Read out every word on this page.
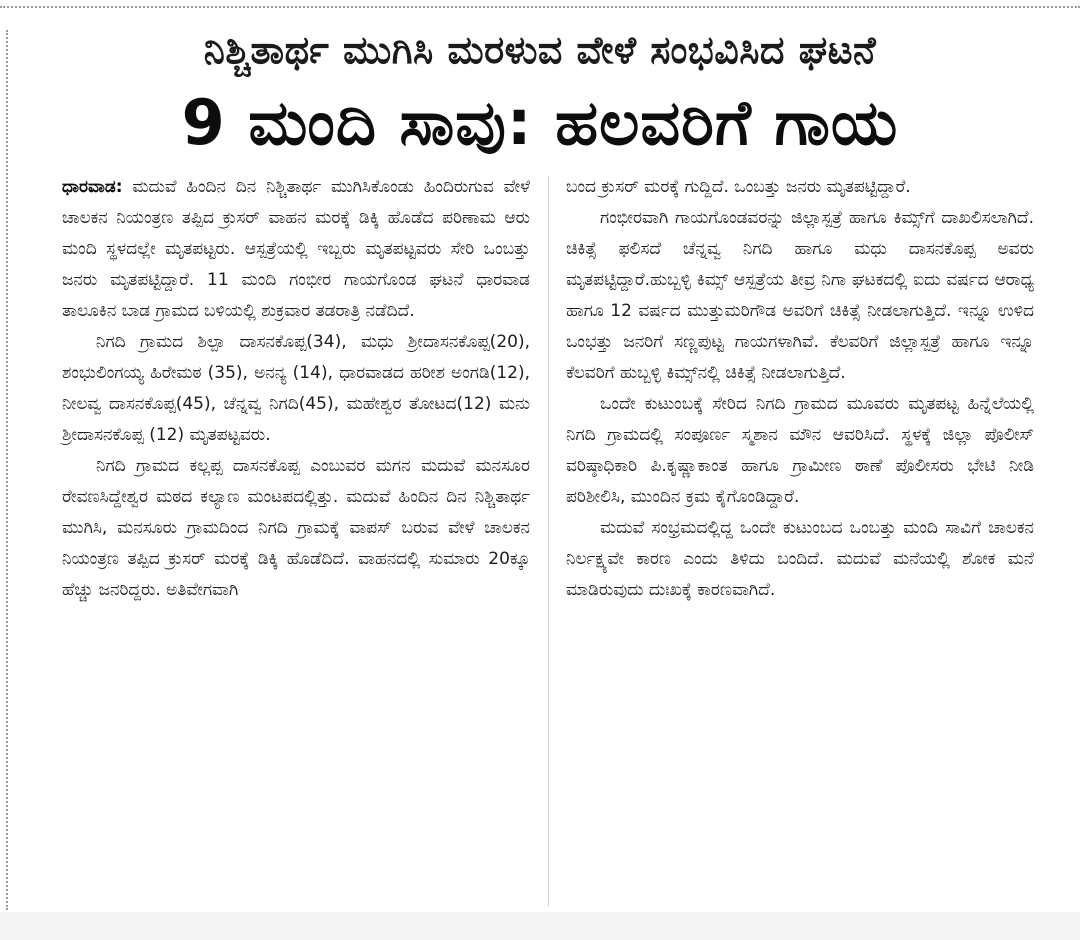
ನಿಶ್ಚಿತಾರ್ಥ ಮುಗಿಸಿ ಮರಳುವ ವೇಳೆ ಸಂಭವಿಸಿದ ಘಟನೆ
9 ಮಂದಿ ಸಾವು: ಹಲವರಿಗೆ ಗಾಯ

ಧಾರವಾಡ: ಮದುವೆ ಹಿಂದಿನ ದಿನ ನಿಶ್ಚಿತಾರ್ಥ ಮುಗಿಸಿಕೊಂಡು ಹಿಂದಿರುಗುವ ವೇಳೆ ಚಾಲಕನ ನಿಯಂತ್ರಣ ತಪ್ಪಿದ ಕ್ರುಸರ್ ವಾಹನ ಮರಕ್ಕೆ ಡಿಕ್ಕಿ ಹೊಡೆದ ಪರಿಣಾಮ ಆರು ಮಂದಿ ಸ್ಥಳದಲ್ಲೇ ಮೃತಪಟ್ಟರು. ಆಸ್ಪತ್ರೆಯಲ್ಲಿ ಇಬ್ಬರು ಮೃತಪಟ್ಟವರು ಸೇರಿ ಒಂಬತ್ತು ಜನರು ಮೃತಪಟ್ಟಿದ್ದಾರೆ. 11 ಮಂದಿ ಗಂಭೀರ ಗಾಯಗೊಂಡ ಘಟನೆ ಧಾರವಾಡ ತಾಲೂಕಿನ ಬಾಡ ಗ್ರಾಮದ ಬಳಿಯಲ್ಲಿ ಶುಕ್ರವಾರ ತಡರಾತ್ರಿ ನಡೆದಿದೆ.

ನಿಗದಿ ಗ್ರಾಮದ ಶಿಲ್ಪಾ ದಾಸನಕೊಪ್ಪ(34), ಮಧು ಶ್ರೀದಾಸನಕೊಪ್ಪ(20), ಶಂಭುಲಿಂಗಯ್ಯ ಹಿರೇಮಠ (35), ಅನನ್ಯ (14), ಧಾರವಾಡದ ಹರೀಶ ಅಂಗಡಿ(12), ನೀಲವ್ವ ದಾಸನಕೊಪ್ಪ(45), ಚೆನ್ನವ್ವ ನಿಗದಿ(45), ಮಹೇಶ್ವರ ತೋಟದ(12) ಮನು ಶ್ರೀದಾಸನಕೊಪ್ಪ (12) ಮೃತಪಟ್ಟವರು.

ನಿಗದಿ ಗ್ರಾಮದ ಕಲ್ಲಪ್ಪ ದಾಸನಕೊಪ್ಪ ಎಂಬುವರ ಮಗನ ಮದುವೆ ಮನಸೂರ ರೇವಣಸಿದ್ದೇಶ್ವರ ಮಠದ ಕಲ್ಯಾಣ ಮಂಟಪದಲ್ಲಿತ್ತು. ಮದುವೆ ಹಿಂದಿನ ದಿನ ನಿಶ್ಚಿತಾರ್ಥ ಮುಗಿಸಿ, ಮನಸೂರು ಗ್ರಾಮದಿಂದ ನಿಗದಿ ಗ್ರಾಮಕ್ಕೆ ವಾಪಸ್ ಬರುವ ವೇಳೆ ಚಾಲಕನ ನಿಯಂತ್ರಣ ತಪ್ಪಿದ ಕ್ರುಸರ್ ಮರಕ್ಕೆ ಡಿಕ್ಕಿ ಹೊಡೆದಿದೆ. ವಾಹನದಲ್ಲಿ ಸುಮಾರು 20ಕ್ಕೂ ಹೆಚ್ಚು ಜನರಿದ್ದರು. ಅತಿವೇಗವಾಗಿ

ಬಂದ ಕ್ರುಸರ್ ಮರಕ್ಕೆ ಗುದ್ದಿದೆ. ಒಂಬತ್ತು ಜನರು ಮೃತಪಟ್ಟಿದ್ದಾರೆ.

ಗಂಭೀರವಾಗಿ ಗಾಯಗೊಂಡವರನ್ನು ಜಿಲ್ಲಾಸ್ಪತ್ರೆ ಹಾಗೂ ಕಿಮ್ಸ್‌ಗೆ ದಾಖಲಿಸಲಾಗಿದೆ. ಚಿಕಿತ್ಸೆ ಫಲಿಸದೆ ಚೆನ್ನವ್ವ ನಿಗದಿ ಹಾಗೂ ಮಧು ದಾಸನಕೊಪ್ಪ ಅವರು ಮೃತಪಟ್ಟಿದ್ದಾರೆ.ಹುಬ್ಬಳ್ಳಿ ಕಿಮ್ಸ್ ಆಸ್ಪತ್ರೆಯ ತೀವ್ರ ನಿಗಾ ಘಟಕದಲ್ಲಿ ಐದು ವರ್ಷದ ಆರಾಧ್ಯ ಹಾಗೂ 12 ವರ್ಷದ ಮುತ್ತುಮರಿಗೌಡ ಅವರಿಗೆ ಚಿಕಿತ್ಸೆ ನೀಡಲಾಗುತ್ತಿದೆ. ಇನ್ನೂ ಉಳಿದ ಒಂಭತ್ತು ಜನರಿಗೆ ಸಣ್ಣಪುಟ್ಟ ಗಾಯಗಳಾಗಿವೆ. ಕೆಲವರಿಗೆ ಜಿಲ್ಲಾಸ್ಪತ್ರೆ ಹಾಗೂ ಇನ್ನೂ ಕೆಲವರಿಗೆ ಹುಬ್ಬಳ್ಳಿ ಕಿಮ್ಸ್‌ನಲ್ಲಿ ಚಿಕಿತ್ಸೆ ನೀಡಲಾಗುತ್ತಿದೆ.

ಒಂದೇ ಕುಟುಂಬಕ್ಕೆ ಸೇರಿದ ನಿಗದಿ ಗ್ರಾಮದ ಮೂವರು ಮೃತಪಟ್ಟ ಹಿನ್ನೆಲೆಯಲ್ಲಿ ನಿಗದಿ ಗ್ರಾಮದಲ್ಲಿ ಸಂಪೂರ್ಣ ಸ್ಮಶಾನ ಮೌನ ಆವರಿಸಿದೆ. ಸ್ಥಳಕ್ಕೆ ಜಿಲ್ಲಾ ಪೊಲೀಸ್ ವರಿಷ್ಠಾಧಿಕಾರಿ ಪಿ.ಕೃಷ್ಣಾಕಾಂತ ಹಾಗೂ ಗ್ರಾಮೀಣ ಠಾಣೆ ಪೊಲೀಸರು ಭೇಟಿ ನೀಡಿ ಪರಿಶೀಲಿಸಿ, ಮುಂದಿನ ಕ್ರಮ ಕೈಗೊಂಡಿದ್ದಾರೆ.

ಮದುವೆ ಸಂಭ್ರಮದಲ್ಲಿದ್ದ ಒಂದೇ ಕುಟುಂಬದ ಒಂಬತ್ತು ಮಂದಿ ಸಾವಿಗೆ ಚಾಲಕನ ನಿರ್ಲಕ್ಷ್ಯವೇ ಕಾರಣ ಎಂದು ತಿಳಿದು ಬಂದಿದೆ. ಮದುವೆ ಮನೆಯಲ್ಲಿ ಶೋಕ ಮನೆ ಮಾಡಿರುವುದು ದುಃಖಕ್ಕೆ ಕಾರಣವಾಗಿದೆ.
